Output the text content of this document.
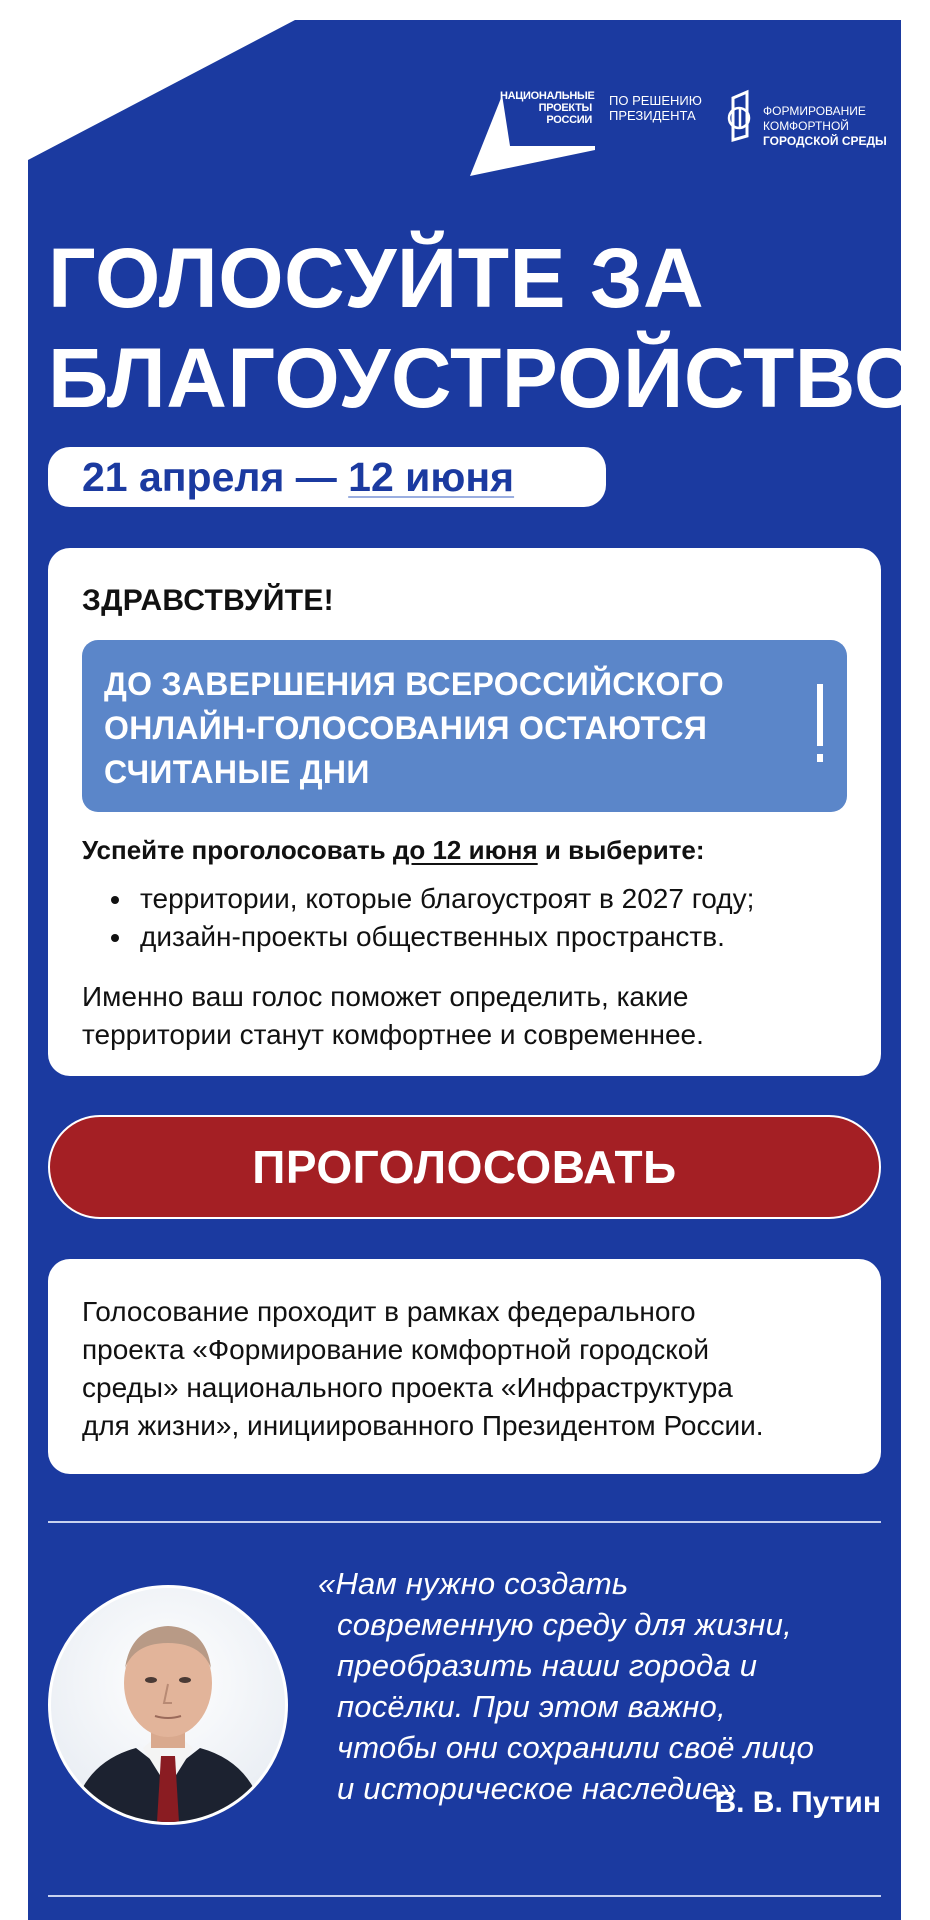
НАЦИОНАЛЬНЫЕ
ПРОЕКТЫ
РОССИИ
ПО РЕШЕНИЮ
ПРЕЗИДЕНТА	ФОРМИРОВАНИЕ
КОМФОРТНОЙ
ГОРОДСКОЙ СРЕДЫ
ГОЛОСУЙТЕ ЗА
БЛАГОУСТРОЙСТВО
21 апреля — 12 июня
ЗДРАВСТВУЙТЕ!
ДО ЗАВЕРШЕНИЯ ВСЕРОССИЙСКОГО
ОНЛАЙН-ГОЛОСОВАНИЯ ОСТАЮТСЯ
СЧИТАНЫЕ ДНИ
Успейте проголосовать до 12 июня и выберите:
• территории, которые благоустроят в 2027 году;
• дизайн-проекты общественных пространств.
Именно ваш голос поможет определить, какие
территории станут комфортнее и современнее.
ПРОГОЛОСОВАТЬ
Голосование проходит в рамках федерального
проекта «Формирование комфортной городской
среды» национального проекта «Инфраструктура
для жизни», инициированного Президентом России.
«Нам нужно создать
современную среду для жизни,
преобразить наши города и
посёлки. При этом важно,
чтобы они сохранили своё лицо
и историческое наследие»
В. В. Путин
